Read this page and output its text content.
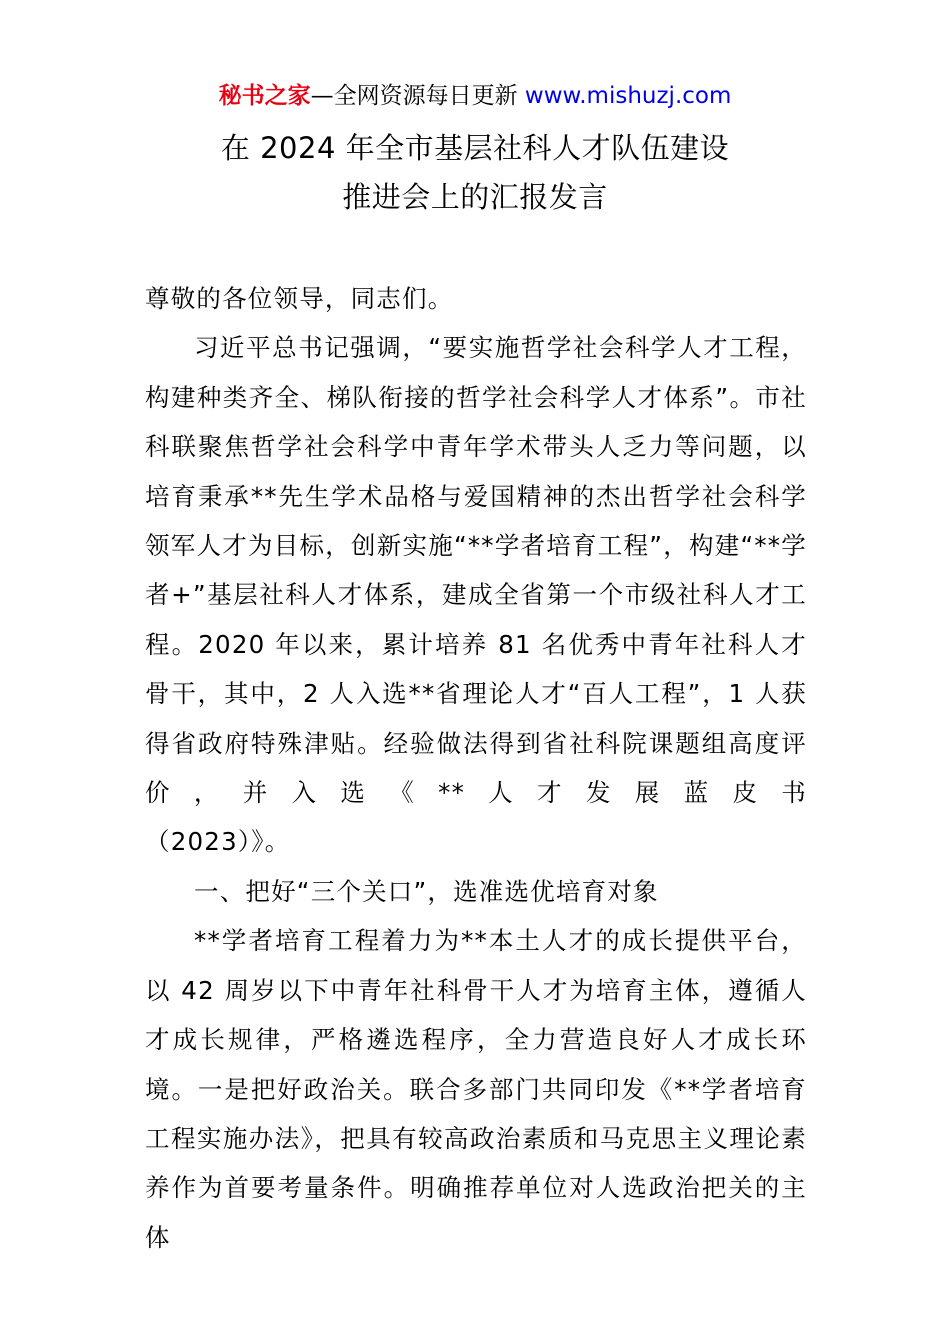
秘书之家—全网资源每日更新 www.mishuzj.com
在 2024 年全市基层社科人才队伍建设
推进会上的汇报发言

尊敬的各位领导，同志们。

习近平总书记强调，“要实施哲学社会科学人才工程，构建种类齐全、梯队衔接的哲学社会科学人才体系”。市社科联聚焦哲学社会科学中青年学术带头人乏力等问题，以培育秉承**先生学术品格与爱国精神的杰出哲学社会科学领军人才为目标，创新实施“**学者培育工程”，构建“**学者+”基层社科人才体系，建成全省第一个市级社科人才工程。2020 年以来，累计培养 81 名优秀中青年社科人才骨干，其中，2 人入选**省理论人才“百人工程”，1 人获得省政府特殊津贴。经验做法得到省社科院课题组高度评价，并入选《**人才发展蓝皮书

（2023）》。

一、把好“三个关口”，选准选优培育对象

**学者培育工程着力为**本土人才的成长提供平台，以 42 周岁以下中青年社科骨干人才为培育主体，遵循人才成长规律，严格遴选程序，全力营造良好人才成长环境。一是把好政治关。联合多部门共同印发《**学者培育工程实施办法》，把具有较高政治素质和马克思主义理论素养作为首要考量条件。明确推荐单位对人选政治把关的主体
